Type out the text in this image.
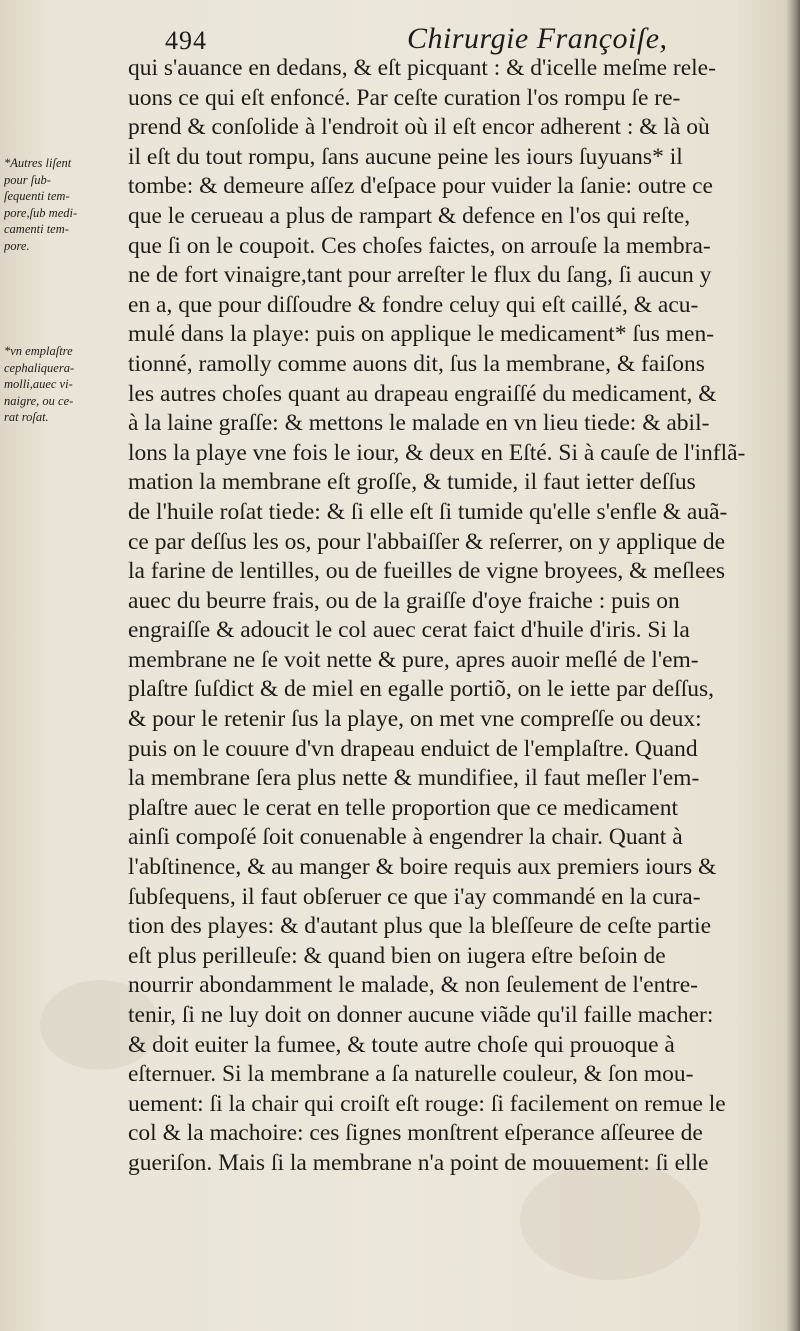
494	Chirurgie Françoiſe,
*Autres liſent
pour ſub-
ſequenti tem-
pore,ſub medi-
camenti tem-
pore.
*vn emplaſtre
cephaliquera-
molli,auec vi-
naigre, ou ce-
rat roſat.
qui s'auance en dedans, & eſt picquant : & d'icelle meſme rele-
uons ce qui eſt enfoncé. Par ceſte curation l'os rompu ſe re-
prend & conſolide à l'endroit où il eſt encor adherent : & là où
il eſt du tout rompu, ſans aucune peine les iours ſuyuans* il
tombe: & demeure aſſez d'eſpace pour vuider la ſanie: outre ce
que le cerueau a plus de rampart & defence en l'os qui reſte,
que ſi on le coupoit. Ces choſes faictes, on arrouſe la membra-
ne de fort vinaigre,tant pour arreſter le flux du ſang, ſi aucun y
en a, que pour diſſoudre & fondre celuy qui eſt caillé, & acu-
mulé dans la playe: puis on applique le medicament* ſus men-
tionné, ramolly comme auons dit, ſus la membrane, & faiſons
les autres choſes quant au drapeau engraiſſé du medicament, &
à la laine graſſe: & mettons le malade en vn lieu tiede: & abil-
lons la playe vne fois le iour, & deux en Eſté. Si à cauſe de l'inflã-
mation la membrane eſt groſſe, & tumide, il faut ietter deſſus
de l'huile roſat tiede: & ſi elle eſt ſi tumide qu'elle s'enfle & auã-
ce par deſſus les os, pour l'abbaiſſer & reſerrer, on y applique de
la farine de lentilles, ou de fueilles de vigne broyees, & meſlees
auec du beurre frais, ou de la graiſſe d'oye fraiche : puis on
engraiſſe & adoucit le col auec cerat faict d'huile d'iris. Si la
membrane ne ſe voit nette & pure, apres auoir meſlé de l'em-
plaſtre ſuſdict & de miel en egalle portiõ, on le iette par deſſus,
& pour le retenir ſus la playe, on met vne compreſſe ou deux:
puis on le couure d'vn drapeau enduict de l'emplaſtre. Quand
la membrane ſera plus nette & mundifiee, il faut meſler l'em-
plaſtre auec le cerat en telle proportion que ce medicament
ainſi compoſé ſoit conuenable à engendrer la chair. Quant à
l'abſtinence, & au manger & boire requis aux premiers iours &
ſubſequens, il faut obſeruer ce que i'ay commandé en la cura-
tion des playes: & d'autant plus que la bleſſeure de ceſte partie
eſt plus perilleuſe: & quand bien on iugera eſtre beſoin de
nourrir abondamment le malade, & non ſeulement de l'entre-
tenir, ſi ne luy doit on donner aucune viãde qu'il faille macher:
& doit euiter la fumee, & toute autre choſe qui prouoque à
eſternuer. Si la membrane a ſa naturelle couleur, & ſon mou-
uement: ſi la chair qui croiſt eſt rouge: ſi facilement on remue le
col & la machoire: ces ſignes monſtrent eſperance aſſeuree de
gueriſon. Mais ſi la membrane n'a point de mouuement: ſi elle
